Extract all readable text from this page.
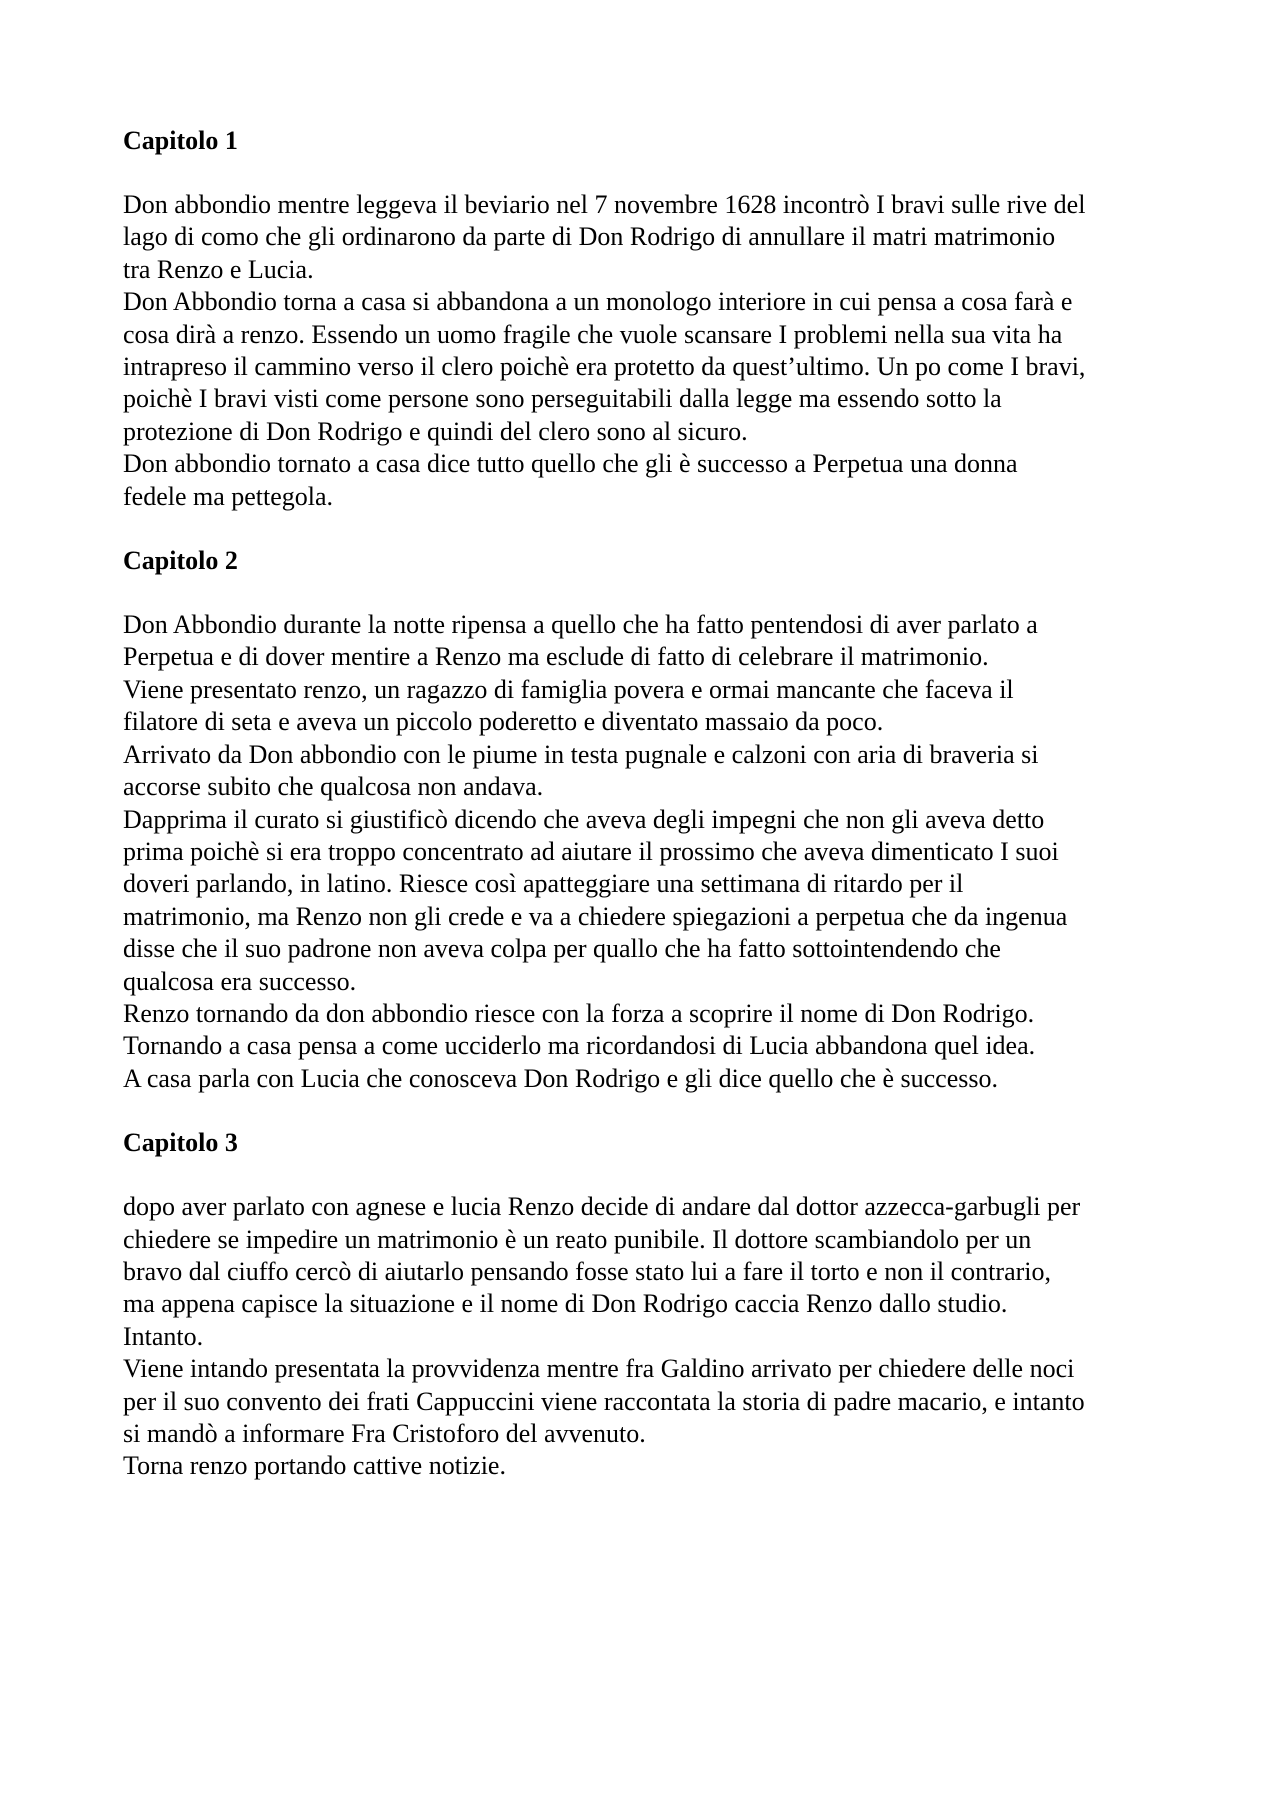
Capitolo 1

Don abbondio mentre leggeva il beviario nel 7 novembre 1628 incontrò I bravi sulle rive del
lago di como che gli ordinarono da parte di Don Rodrigo di annullare il matri matrimonio
tra Renzo e Lucia.

Don Abbondio torna a casa si abbandona a un monologo interiore in cui pensa a cosa farà e
cosa dirà a renzo. Essendo un uomo fragile che vuole scansare I problemi nella sua vita ha
intrapreso il cammino verso il clero poichè era protetto da quest’ultimo. Un po come I bravi,
poichè I bravi visti come persone sono perseguitabili dalla legge ma essendo sotto la
protezione di Don Rodrigo e quindi del clero sono al sicuro.

Don abbondio tornato a casa dice tutto quello che gli è successo a Perpetua una donna
fedele ma pettegola.

Capitolo 2

Don Abbondio durante la notte ripensa a quello che ha fatto pentendosi di aver parlato a
Perpetua e di dover mentire a Renzo ma esclude di fatto di celebrare il matrimonio.

Viene presentato renzo, un ragazzo di famiglia povera e ormai mancante che faceva il
filatore di seta e aveva un piccolo poderetto e diventato massaio da poco.

Arrivato da Don abbondio con le piume in testa pugnale e calzoni con aria di braveria si
accorse subito che qualcosa non andava.

Dapprima il curato si giustificò dicendo che aveva degli impegni che non gli aveva detto
prima poichè si era troppo concentrato ad aiutare il prossimo che aveva dimenticato I suoi
doveri parlando, in latino. Riesce così apatteggiare una settimana di ritardo per il
matrimonio, ma Renzo non gli crede e va a chiedere spiegazioni a perpetua che da ingenua
disse che il suo padrone non aveva colpa per quallo che ha fatto sottointendendo che
qualcosa era successo.

Renzo tornando da don abbondio riesce con la forza a scoprire il nome di Don Rodrigo.

Tornando a casa pensa a come ucciderlo ma ricordandosi di Lucia abbandona quel idea.

A casa parla con Lucia che conosceva Don Rodrigo e gli dice quello che è successo.

Capitolo 3

dopo aver parlato con agnese e lucia Renzo decide di andare dal dottor azzecca-garbugli per
chiedere se impedire un matrimonio è un reato punibile. Il dottore scambiandolo per un
bravo dal ciuffo cercò di aiutarlo pensando fosse stato lui a fare il torto e non il contrario,
ma appena capisce la situazione e il nome di Don Rodrigo caccia Renzo dallo studio.
Intanto.

Viene intando presentata la provvidenza mentre fra Galdino arrivato per chiedere delle noci
per il suo convento dei frati Cappuccini viene raccontata la storia di padre macario, e intanto
si mandò a informare Fra Cristoforo del avvenuto.

Torna renzo portando cattive notizie.
